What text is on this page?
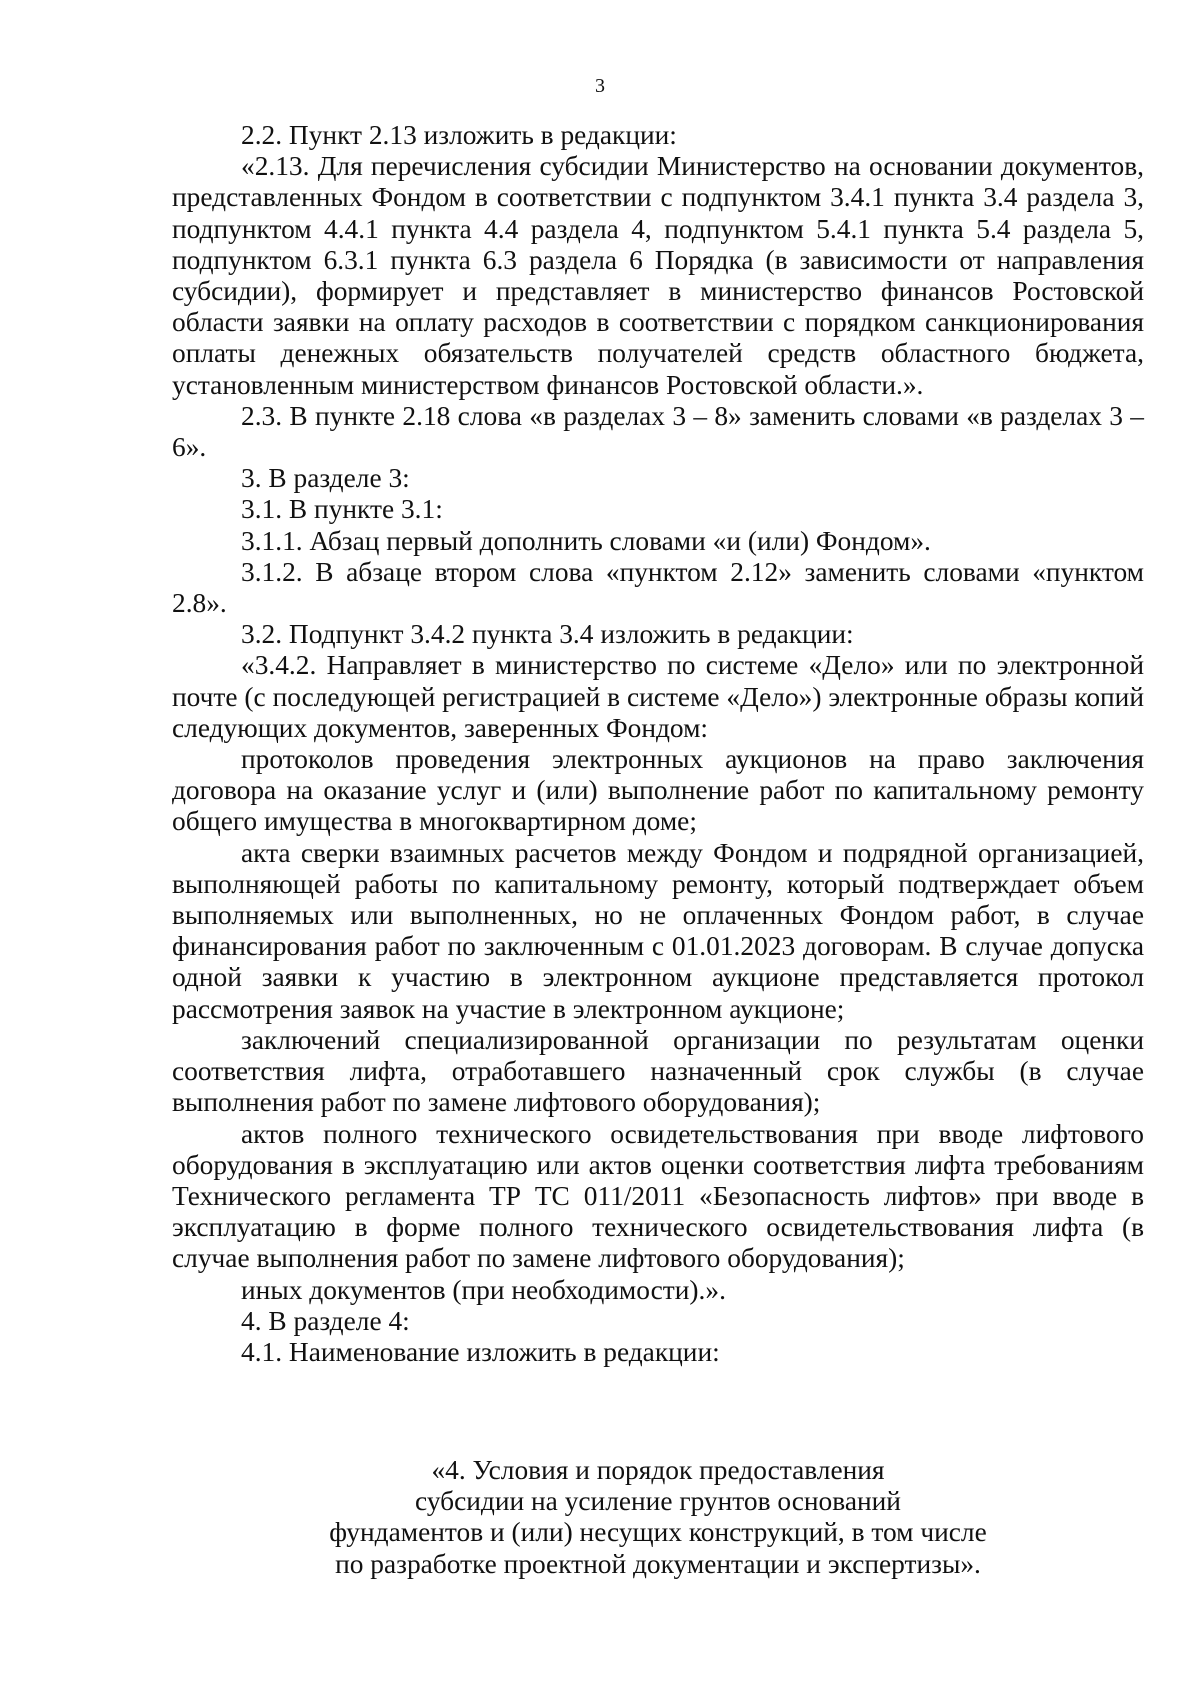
3

2.2. Пункт 2.13 изложить в редакции:

«2.13. Для перечисления субсидии Министерство на основании документов, представленных Фондом в соответствии с подпунктом 3.4.1 пункта 3.4 раздела 3, подпунктом 4.4.1 пункта 4.4 раздела 4, подпунктом 5.4.1 пункта 5.4 раздела 5, подпунктом 6.3.1 пункта 6.3 раздела 6 Порядка (в зависимости от направления субсидии), формирует и представляет в министерство финансов Ростовской области заявки на оплату расходов в соответствии с порядком санкционирования оплаты денежных обязательств получателей средств областного бюджета, установленным министерством финансов Ростовской области.».

2.3. В пункте 2.18 слова «в разделах 3 – 8» заменить словами «в разделах 3 – 6».

3. В разделе 3:

3.1. В пункте 3.1:

3.1.1. Абзац первый дополнить словами «и (или) Фондом».

3.1.2. В абзаце втором слова «пунктом 2.12» заменить словами «пунктом 2.8».

3.2. Подпункт 3.4.2 пункта 3.4 изложить в редакции:

«3.4.2. Направляет в министерство по системе «Дело» или по электронной почте (с последующей регистрацией в системе «Дело») электронные образы копий следующих документов, заверенных Фондом:

протоколов проведения электронных аукционов на право заключения договора на оказание услуг и (или) выполнение работ по капитальному ремонту общего имущества в многоквартирном доме;

акта сверки взаимных расчетов между Фондом и подрядной организацией, выполняющей работы по капитальному ремонту, который подтверждает объем выполняемых или выполненных, но не оплаченных Фондом работ, в случае финансирования работ по заключенным с 01.01.2023 договорам. В случае допуска одной заявки к участию в электронном аукционе представляется протокол рассмотрения заявок на участие в электронном аукционе;

заключений специализированной организации по результатам оценки соответствия лифта, отработавшего назначенный срок службы (в случае выполнения работ по замене лифтового оборудования);

актов полного технического освидетельствования при вводе лифтового оборудования в эксплуатацию или актов оценки соответствия лифта требованиям Технического регламента ТР ТС 011/2011 «Безопасность лифтов» при вводе в эксплуатацию в форме полного технического освидетельствования лифта (в случае выполнения работ по замене лифтового оборудования);

иных документов (при необходимости).».

4. В разделе 4:

4.1. Наименование изложить в редакции:

«4. Условия и порядок предоставления
субсидии на усиление грунтов оснований
фундаментов и (или) несущих конструкций, в том числе
по разработке проектной документации и экспертизы».
